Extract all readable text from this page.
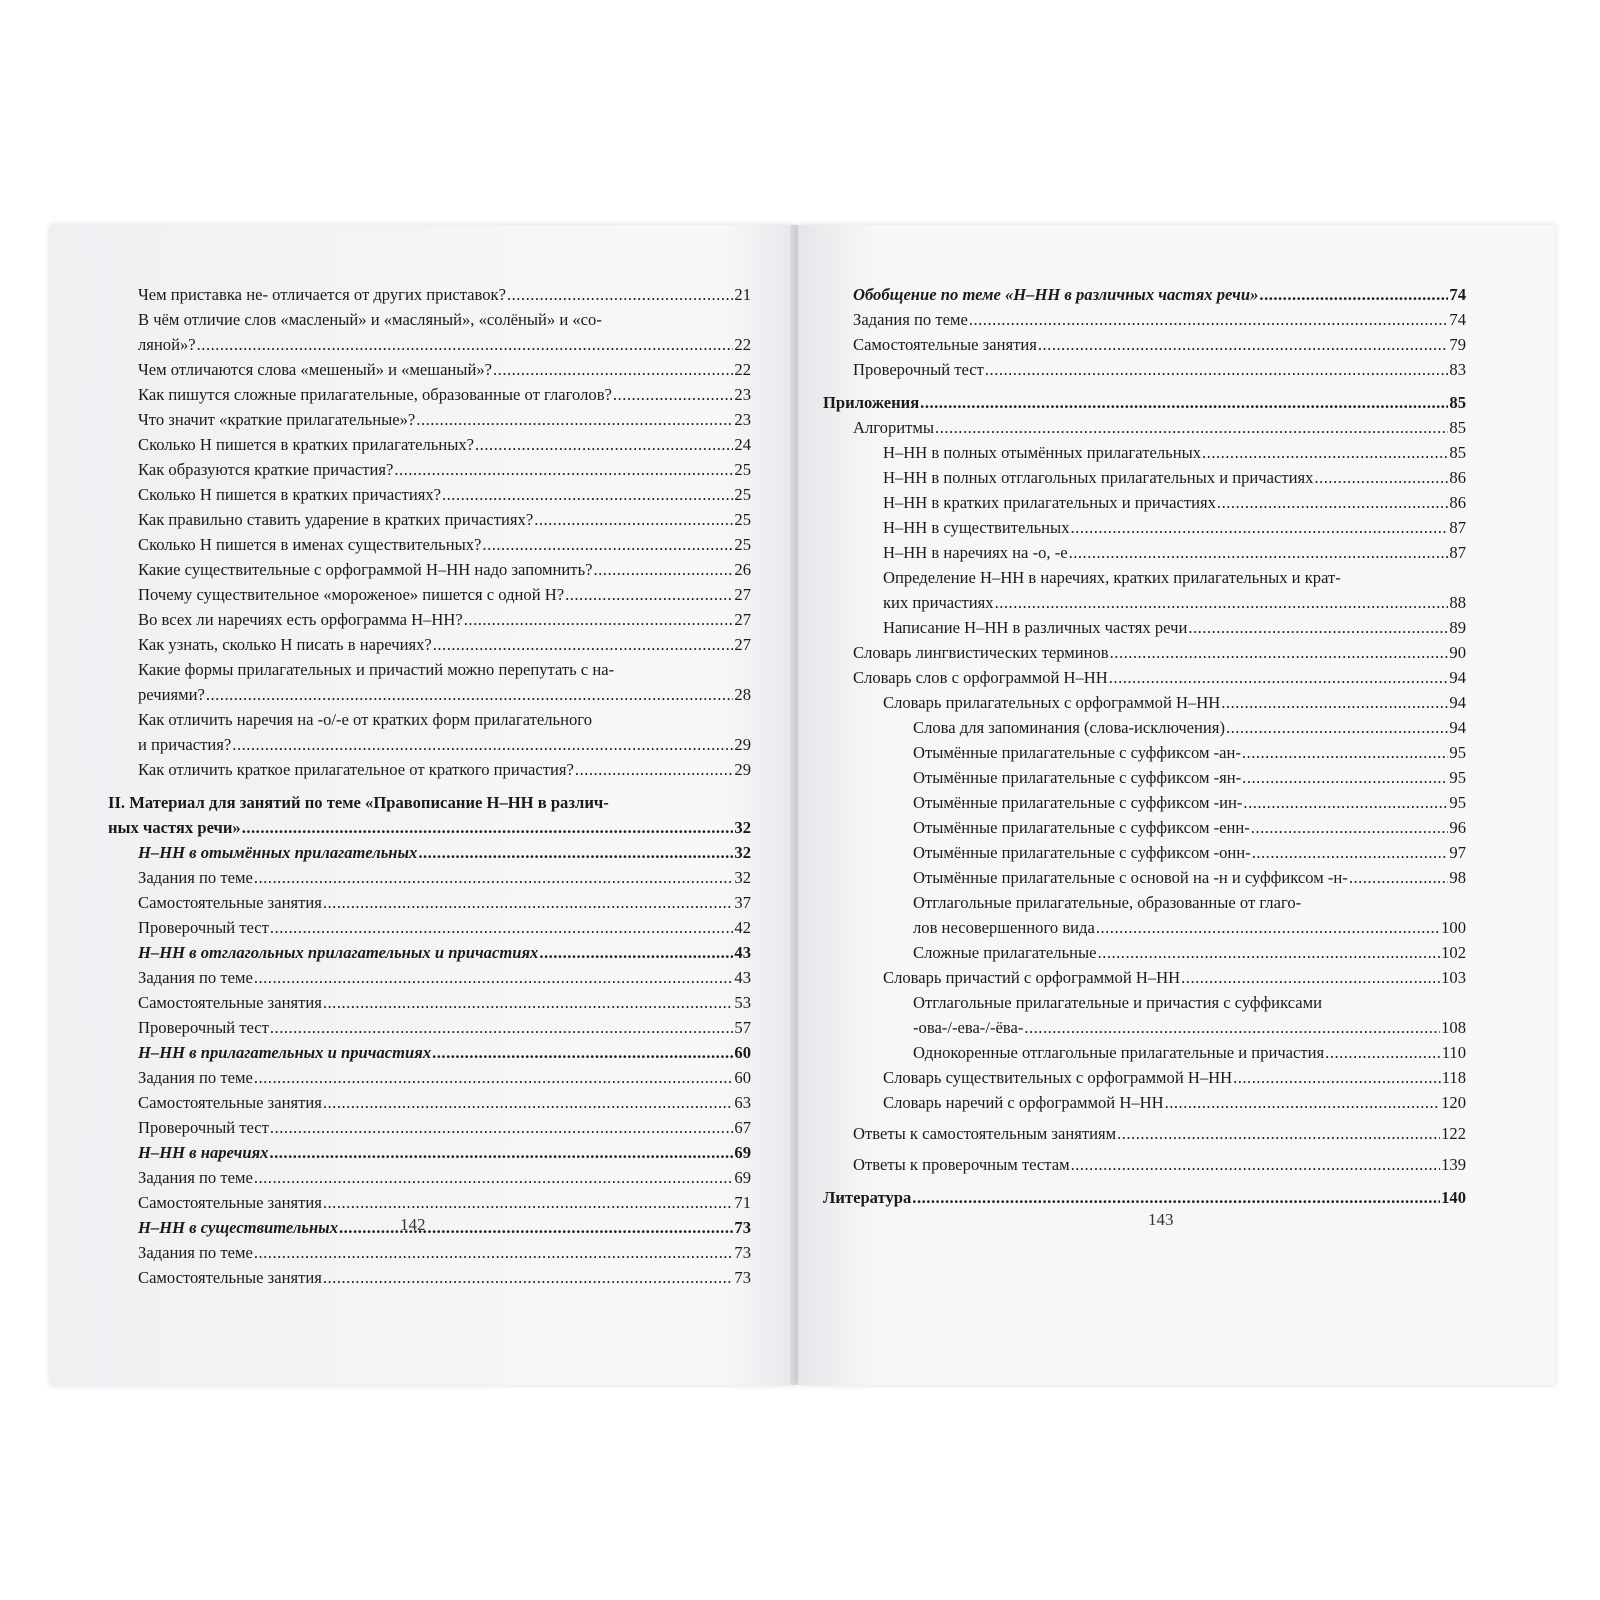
Чем приставка не- отличается от других приставок? .....	21
В чём отличие слов «масленый» и «масляный», «солёный» и «со-
ляной»? .....	22
Чем отличаются слова «мешеный» и «мешаный»? .....	22
Как пишутся сложные прилагательные, образованные от глаголов? .....	23
Что значит «краткие прилагательные»? .....	23
Сколько Н пишется в кратких прилагательных? .....	24
Как образуются краткие причастия? .....	25
Сколько Н пишется в кратких причастиях? .....	25
Как правильно ставить ударение в кратких причастиях? .....	25
Сколько Н пишется в именах существительных? .....	25
Какие существительные с орфограммой Н–НН надо запомнить? .....	26
Почему существительное «мороженое» пишется с одной Н? .....	27
Во всех ли наречиях есть орфограмма Н–НН? .....	27
Как узнать, сколько Н писать в наречиях? .....	27
Какие формы прилагательных и причастий можно перепутать с на-
речиями? .....	28
Как отличить наречия на -о/-е от кратких форм прилагательного
и причастия? .....	29
Как отличить краткое прилагательное от краткого причастия? .....	29
II. Материал для занятий по теме «Правописание Н–НН в различ-
ных частях речи» .....	32
Н–НН в отымённых прилагательных .....	32
Задания по теме .....	32
Самостоятельные занятия .....	37
Проверочный тест .....	42
Н–НН в отглагольных прилагательных и причастиях .....	43
Задания по теме .....	43
Самостоятельные занятия .....	53
Проверочный тест .....	57
Н–НН в прилагательных и причастиях .....	60
Задания по теме .....	60
Самостоятельные занятия .....	63
Проверочный тест .....	67
Н–НН в наречиях .....	69
Задания по теме .....	69
Самостоятельные занятия .....	71
Н–НН в существительных .....	73
Задания по теме .....	73
Самостоятельные занятия .....	73
142
Обобщение по теме «Н–НН в различных частях речи» .....	74
Задания по теме .....	74
Самостоятельные занятия .....	79
Проверочный тест .....	83
Приложения .....	85
Алгоритмы .....	85
Н–НН в полных отымённых прилагательных .....	85
Н–НН в полных отглагольных прилагательных и причастиях .....	86
Н–НН в кратких прилагательных и причастиях .....	86
Н–НН в существительных .....	87
Н–НН в наречиях на -о, -е .....	87
Определение Н–НН в наречиях, кратких прилагательных и крат-
ких причастиях .....	88
Написание Н–НН в различных частях речи .....	89
Словарь лингвистических терминов .....	90
Словарь слов с орфограммой Н–НН .....	94
Словарь прилагательных с орфограммой Н–НН .....	94
Слова для запоминания (слова-исключения) .....	94
Отымённые прилагательные с суффиксом -ан- .....	95
Отымённые прилагательные с суффиксом -ян- .....	95
Отымённые прилагательные с суффиксом -ин- .....	95
Отымённые прилагательные с суффиксом -енн- .....	96
Отымённые прилагательные с суффиксом -онн- .....	97
Отымённые прилагательные с основой на -н и суффиксом -н- .....	98
Отглагольные прилагательные, образованные от глаго-
лов несовершенного вида .....	100
Сложные прилагательные .....	102
Словарь причастий с орфограммой Н–НН .....	103
Отглагольные прилагательные и причастия с суффиксами
-ова-/-ева-/-ёва- .....	108
Однокоренные отглагольные прилагательные и причастия .....	110
Словарь существительных с орфограммой Н–НН .....	118
Словарь наречий с орфограммой Н–НН .....	120
Ответы к самостоятельным занятиям .....	122
Ответы к проверочным тестам .....	139
Литература .....	140
143
